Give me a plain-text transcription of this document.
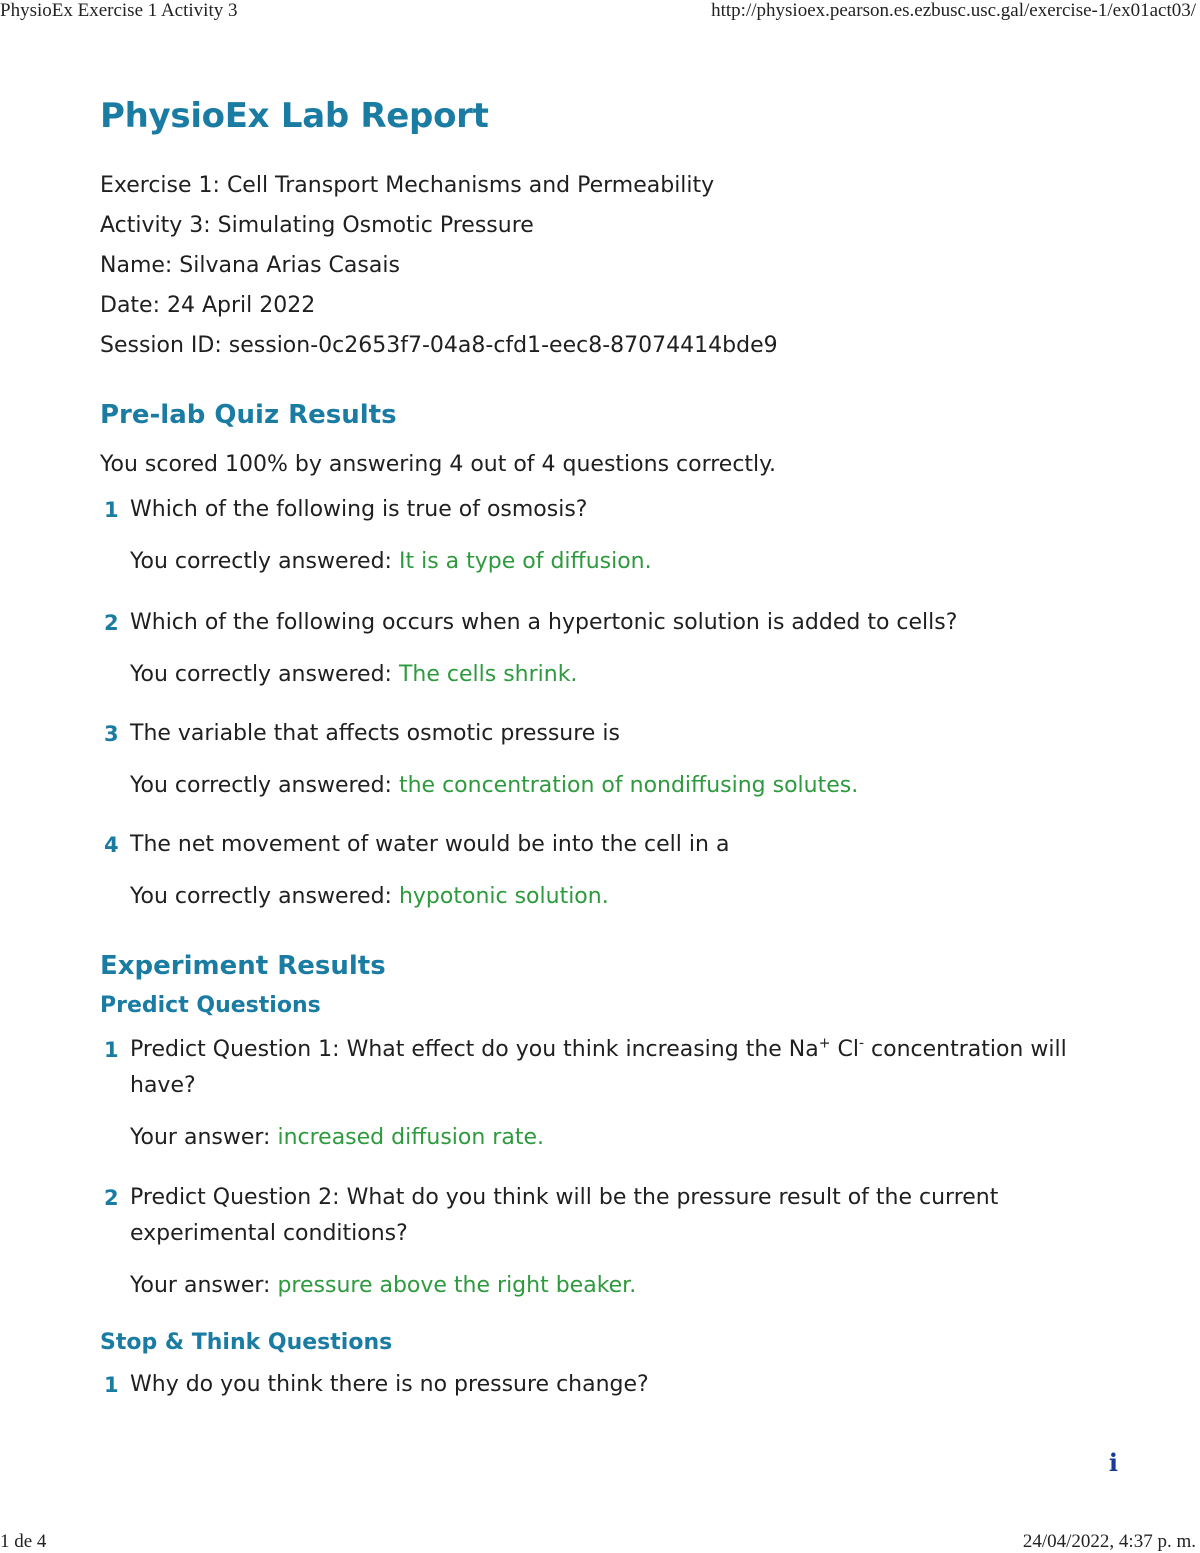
PhysioEx Exercise 1 Activity 3	http://physioex.pearson.es.ezbusc.usc.gal/exercise-1/ex01act03/
PhysioEx Lab Report
Exercise 1: Cell Transport Mechanisms and Permeability
Activity 3: Simulating Osmotic Pressure
Name: Silvana Arias Casais
Date: 24 April 2022
Session ID: session-0c2653f7-04a8-cfd1-eec8-87074414bde9
Pre-lab Quiz Results
You scored 100% by answering 4 out of 4 questions correctly.
1 Which of the following is true of osmosis?
You correctly answered: It is a type of diffusion.
2 Which of the following occurs when a hypertonic solution is added to cells?
You correctly answered: The cells shrink.
3 The variable that affects osmotic pressure is
You correctly answered: the concentration of nondiffusing solutes.
4 The net movement of water would be into the cell in a
You correctly answered: hypotonic solution.
Experiment Results
Predict Questions
1 Predict Question 1: What effect do you think increasing the Na+ Cl- concentration will have?
Your answer: increased diffusion rate.
2 Predict Question 2: What do you think will be the pressure result of the current experimental conditions?
Your answer: pressure above the right beaker.
Stop & Think Questions
1 Why do you think there is no pressure change?
i
1 de 4	24/04/2022, 4:37 p. m.
